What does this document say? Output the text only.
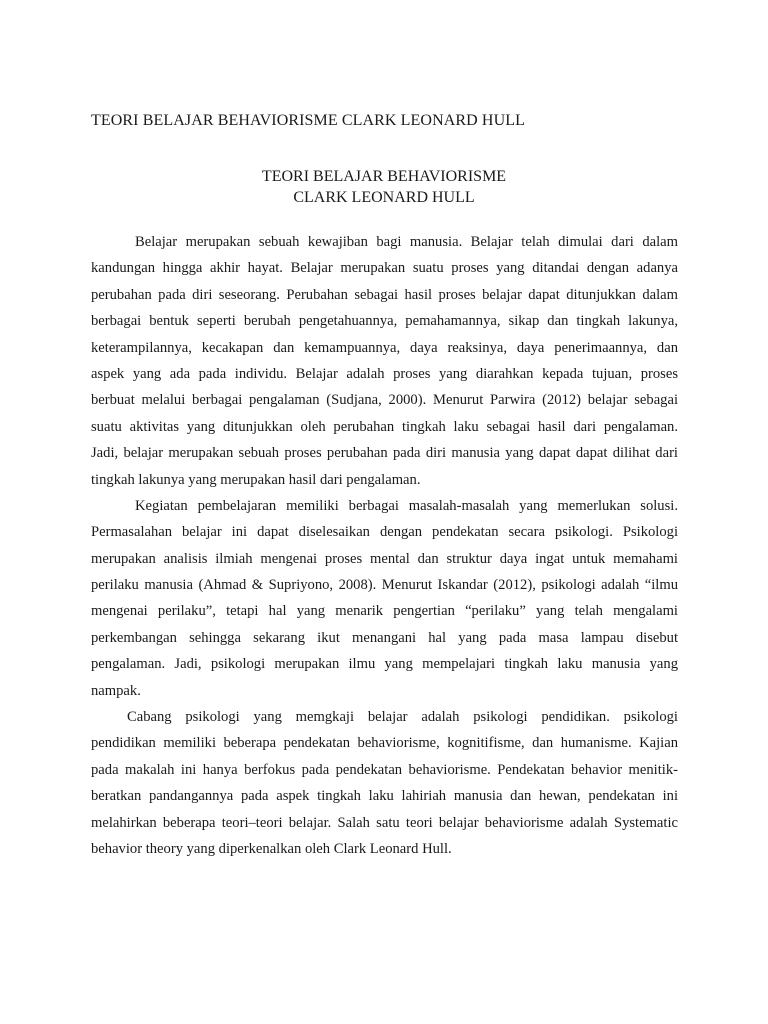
TEORI BELAJAR BEHAVIORISME CLARK LEONARD HULL
TEORI BELAJAR BEHAVIORISME
CLARK LEONARD HULL
Belajar merupakan sebuah kewajiban bagi manusia. Belajar telah dimulai dari dalam
kandungan hingga akhir hayat. Belajar merupakan suatu proses yang ditandai dengan adanya
perubahan pada diri seseorang. Perubahan sebagai hasil proses belajar dapat ditunjukkan dalam
berbagai bentuk seperti berubah pengetahuannya, pemahamannya, sikap dan tingkah lakunya,
keterampilannya, kecakapan dan kemampuannya, daya reaksinya, daya penerimaannya, dan
aspek yang ada pada individu. Belajar adalah proses yang diarahkan kepada tujuan, proses
berbuat melalui berbagai pengalaman (Sudjana, 2000). Menurut Parwira (2012) belajar sebagai
suatu aktivitas yang ditunjukkan oleh perubahan tingkah laku sebagai hasil dari pengalaman.
Jadi, belajar merupakan sebuah proses perubahan pada diri manusia yang dapat dapat dilihat dari
tingkah lakunya yang merupakan hasil dari pengalaman.
Kegiatan pembelajaran memiliki berbagai masalah-masalah yang memerlukan solusi.
Permasalahan belajar ini dapat diselesaikan dengan pendekatan secara psikologi. Psikologi
merupakan analisis ilmiah mengenai proses mental dan struktur daya ingat untuk memahami
perilaku manusia (Ahmad & Supriyono, 2008). Menurut Iskandar (2012), psikologi adalah “ilmu
mengenai perilaku”, tetapi hal yang menarik pengertian “perilaku” yang telah mengalami
perkembangan sehingga sekarang ikut menangani hal yang pada masa lampau disebut
pengalaman. Jadi, psikologi merupakan ilmu yang mempelajari tingkah laku manusia yang
nampak.
Cabang psikologi yang memgkaji belajar adalah psikologi pendidikan. psikologi
pendidikan memiliki beberapa pendekatan behaviorisme, kognitifisme, dan humanisme. Kajian
pada makalah ini hanya berfokus pada pendekatan behaviorisme. Pendekatan behavior menitik-
beratkan pandangannya pada aspek tingkah laku lahiriah manusia dan hewan, pendekatan ini
melahirkan beberapa teori–teori belajar. Salah satu teori belajar behaviorisme adalah Systematic
behavior theory yang diperkenalkan oleh Clark Leonard Hull.
